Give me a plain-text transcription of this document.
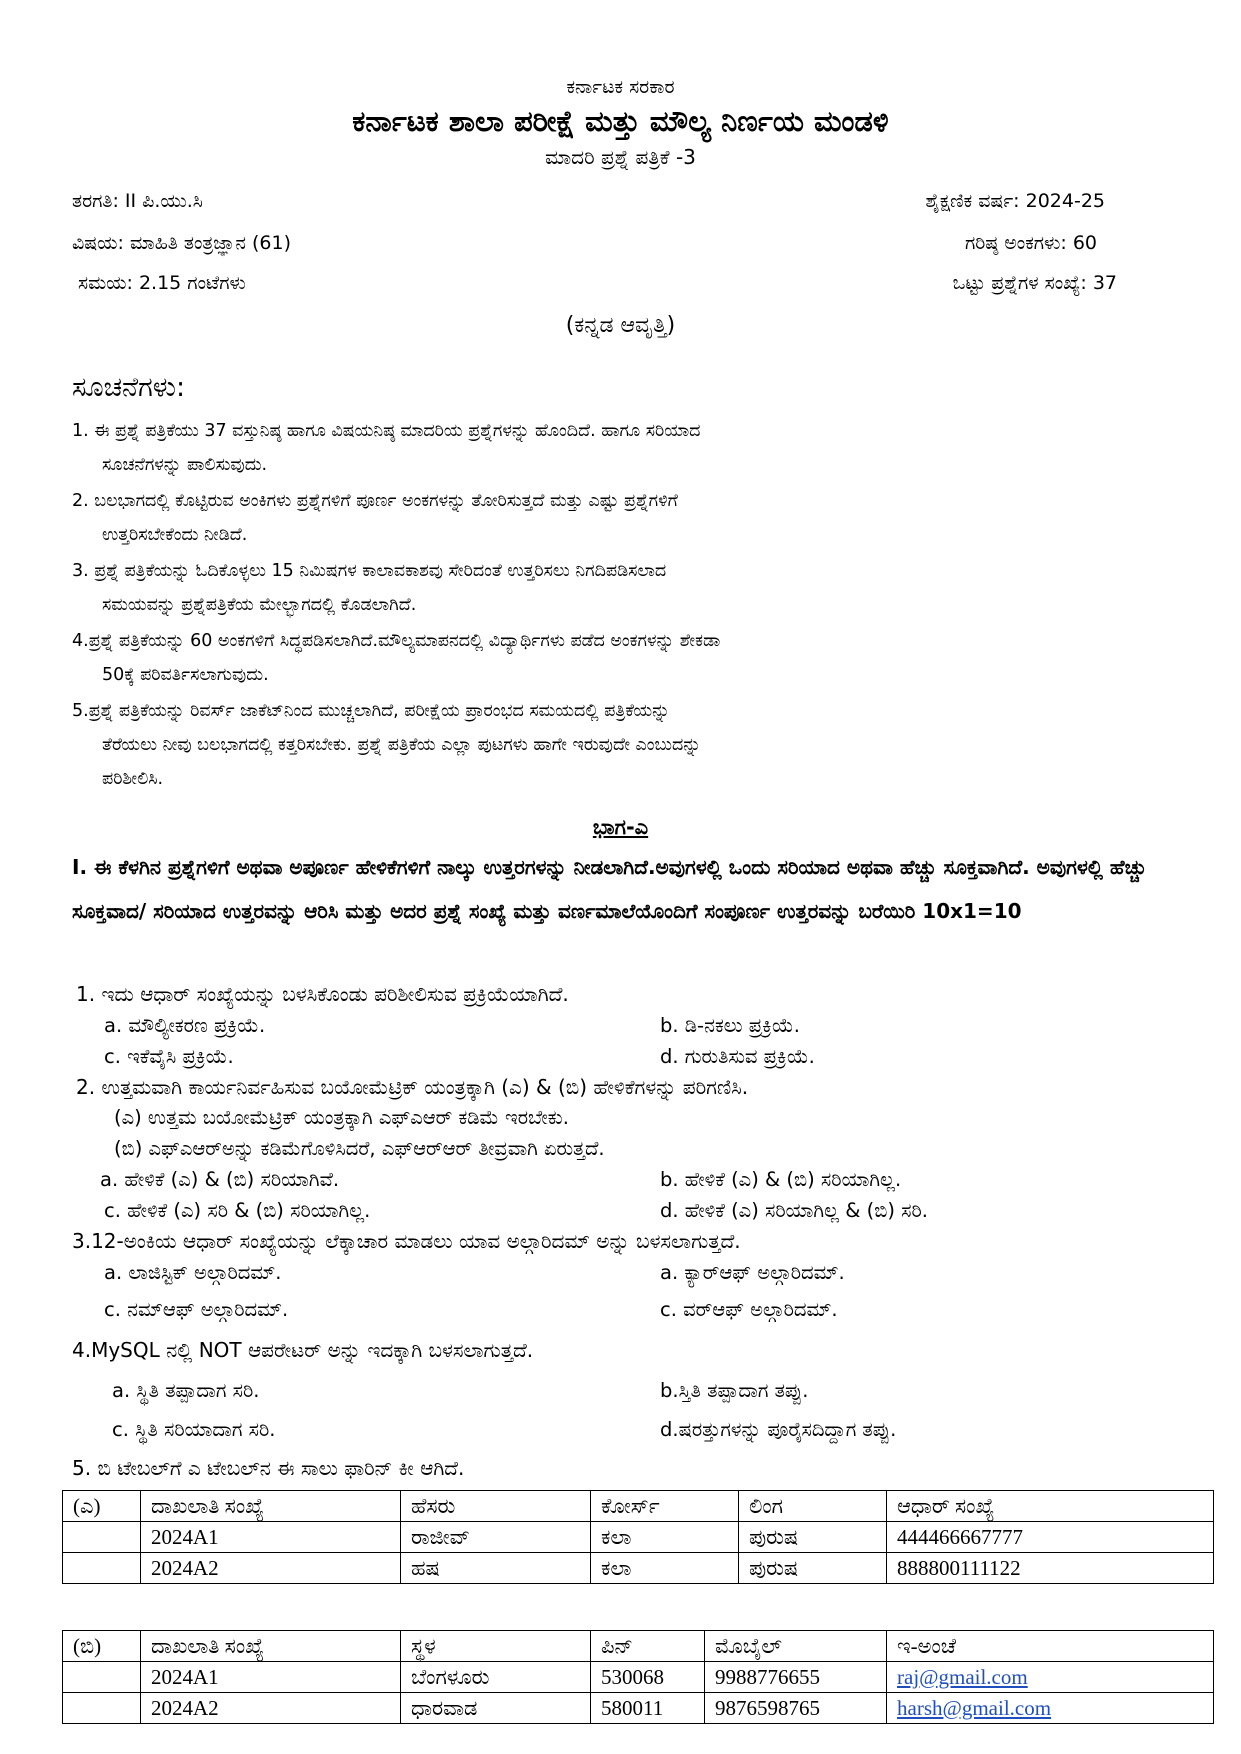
ಕರ್ನಾಟಕ ಸರಕಾರ
ಕರ್ನಾಟಕ ಶಾಲಾ ಪರೀಕ್ಷೆ ಮತ್ತು ಮೌಲ್ಯ ನಿರ್ಣಯ ಮಂಡಳಿ
ಮಾದರಿ ಪ್ರಶ್ನೆ ಪತ್ರಿಕೆ -3
ತರಗತಿ: II ಪಿ.ಯು.ಸಿ	ಶೈಕ್ಷಣಿಕ ವರ್ಷ: 2024-25
ವಿಷಯ: ಮಾಹಿತಿ ತಂತ್ರಜ್ಞಾನ (61)	ಗರಿಷ್ಠ ಅಂಕಗಳು: 60
ಸಮಯ: 2.15 ಗಂಟೆಗಳು	ಒಟ್ಟು ಪ್ರಶ್ನೆಗಳ ಸಂಖ್ಯೆ: 37
(ಕನ್ನಡ ಆವೃತ್ತಿ)
ಸೂಚನೆಗಳು:
1. ಈ ಪ್ರಶ್ನೆ ಪತ್ರಿಕೆಯು 37 ವಸ್ತುನಿಷ್ಠ ಹಾಗೂ ವಿಷಯನಿಷ್ಠ ಮಾದರಿಯ ಪ್ರಶ್ನೆಗಳನ್ನು ಹೊಂದಿದೆ. ಹಾಗೂ ಸರಿಯಾದ
ಸೂಚನೆಗಳನ್ನು ಪಾಲಿಸುವುದು.
2. ಬಲಭಾಗದಲ್ಲಿ ಕೊಟ್ಟಿರುವ ಅಂಕಿಗಳು ಪ್ರಶ್ನೆಗಳಿಗೆ ಪೂರ್ಣ ಅಂಕಗಳನ್ನು ತೋರಿಸುತ್ತದೆ ಮತ್ತು ಎಷ್ಟು ಪ್ರಶ್ನೆಗಳಿಗೆ
ಉತ್ತರಿಸಬೇಕೆಂದು ನೀಡಿದೆ.
3. ಪ್ರಶ್ನೆ ಪತ್ರಿಕೆಯನ್ನು ಓದಿಕೊಳ್ಳಲು 15 ನಿಮಿಷಗಳ ಕಾಲಾವಕಾಶವು ಸೇರಿದಂತೆ ಉತ್ತರಿಸಲು ನಿಗದಿಪಡಿಸಲಾದ
ಸಮಯವನ್ನು ಪ್ರಶ್ನೆಪತ್ರಿಕೆಯ ಮೇಲ್ಭಾಗದಲ್ಲಿ ಕೊಡಲಾಗಿದೆ.
4.ಪ್ರಶ್ನೆ ಪತ್ರಿಕೆಯನ್ನು 60 ಅಂಕಗಳಿಗೆ ಸಿದ್ಧಪಡಿಸಲಾಗಿದೆ.ಮೌಲ್ಯಮಾಪನದಲ್ಲಿ ವಿದ್ಯಾರ್ಥಿಗಳು ಪಡೆದ ಅಂಕಗಳನ್ನು ಶೇಕಡಾ
50ಕ್ಕೆ ಪರಿವರ್ತಿಸಲಾಗುವುದು.
5.ಪ್ರಶ್ನೆ ಪತ್ರಿಕೆಯನ್ನು ರಿವರ್ಸ್ ಜಾಕೆಟ್‌ನಿಂದ ಮುಚ್ಚಲಾಗಿದೆ, ಪರೀಕ್ಷೆಯ ಪ್ರಾರಂಭದ ಸಮಯದಲ್ಲಿ ಪತ್ರಿಕೆಯನ್ನು
ತೆರೆಯಲು ನೀವು ಬಲಭಾಗದಲ್ಲಿ ಕತ್ತರಿಸಬೇಕು. ಪ್ರಶ್ನೆ ಪತ್ರಿಕೆಯ ಎಲ್ಲಾ ಪುಟಗಳು ಹಾಗೇ ಇರುವುದೇ ಎಂಬುದನ್ನು
ಪರಿಶೀಲಿಸಿ.
ಭಾಗ-ಎ
I. ಈ ಕೆಳಗಿನ ಪ್ರಶ್ನೆಗಳಿಗೆ ಅಥವಾ ಅಪೂರ್ಣ ಹೇಳಿಕೆಗಳಿಗೆ ನಾಲ್ಕು ಉತ್ತರಗಳನ್ನು ನೀಡಲಾಗಿದೆ.ಅವುಗಳಲ್ಲಿ ಒಂದು ಸರಿಯಾದ ಅಥವಾ ಹೆಚ್ಚು ಸೂಕ್ತವಾಗಿದೆ. ಅವುಗಳಲ್ಲಿ ಹೆಚ್ಚು ಸೂಕ್ತವಾದ/ ಸರಿಯಾದ ಉತ್ತರವನ್ನು ಆರಿಸಿ ಮತ್ತು ಅದರ ಪ್ರಶ್ನೆ ಸಂಖ್ಯೆ ಮತ್ತು ವರ್ಣಮಾಲೆಯೊಂದಿಗೆ ಸಂಪೂರ್ಣ ಉತ್ತರವನ್ನು ಬರೆಯಿರಿ 10x1=10
1. ಇದು ಆಧಾರ್ ಸಂಖ್ಯೆಯನ್ನು ಬಳಸಿಕೊಂಡು ಪರಿಶೀಲಿಸುವ ಪ್ರಕ್ರಿಯೆಯಾಗಿದೆ.
a. ಮೌಲ್ಯೀಕರಣ ಪ್ರಕ್ರಿಯೆ.	b. ಡಿ-ನಕಲು ಪ್ರಕ್ರಿಯೆ.
c. ಇಕೆವೈಸಿ ಪ್ರಕ್ರಿಯೆ.	d. ಗುರುತಿಸುವ ಪ್ರಕ್ರಿಯೆ.
2. ಉತ್ತಮವಾಗಿ ಕಾರ್ಯನಿರ್ವಹಿಸುವ ಬಯೋಮೆಟ್ರಿಕ್ ಯಂತ್ರಕ್ಕಾಗಿ (ಎ) & (ಬಿ) ಹೇಳಿಕೆಗಳನ್ನು ಪರಿಗಣಿಸಿ.
(ಎ) ಉತ್ತಮ ಬಯೋಮೆಟ್ರಿಕ್ ಯಂತ್ರಕ್ಕಾಗಿ ಎಫ್ಎಆರ್ ಕಡಿಮೆ ಇರಬೇಕು.
(ಬಿ) ಎಫ್ಎಆರ್‌ಅನ್ನು ಕಡಿಮೆಗೊಳಿಸಿದರೆ, ಎಫ್‌ಆರ್‌ಆರ್ ತೀವ್ರವಾಗಿ ಏರುತ್ತದೆ.
a. ಹೇಳಿಕೆ (ಎ) & (ಬಿ) ಸರಿಯಾಗಿವೆ.	b. ಹೇಳಿಕೆ (ಎ) & (ಬಿ) ಸರಿಯಾಗಿಲ್ಲ.
c. ಹೇಳಿಕೆ (ಎ) ಸರಿ & (ಬಿ) ಸರಿಯಾಗಿಲ್ಲ.	d. ಹೇಳಿಕೆ (ಎ) ಸರಿಯಾಗಿಲ್ಲ & (ಬಿ) ಸರಿ.
3.12-ಅಂಕಿಯ ಆಧಾರ್ ಸಂಖ್ಯೆಯನ್ನು ಲೆಕ್ಕಾಚಾರ ಮಾಡಲು ಯಾವ ಅಲ್ಗಾರಿದಮ್ ಅನ್ನು ಬಳಸಲಾಗುತ್ತದೆ.
a. ಲಾಜಿಸ್ಟಿಕ್ ಅಲ್ಗಾರಿದಮ್.	a. ಕ್ಯಾರ್‌ಆಫ್ ಅಲ್ಗಾರಿದಮ್.
c. ನಮ್‌ಆಫ್ ಅಲ್ಗಾರಿದಮ್.	c. ವರ್‌ಆಫ್ ಅಲ್ಗಾರಿದಮ್.
4.MySQL ನಲ್ಲಿ NOT ಆಪರೇಟರ್ ಅನ್ನು ಇದಕ್ಕಾಗಿ ಬಳಸಲಾಗುತ್ತದೆ.
a. ಸ್ಥಿತಿ ತಪ್ಪಾದಾಗ ಸರಿ.	b.ಸ್ತಿತಿ ತಪ್ಪಾದಾಗ ತಪ್ಪು.
c. ಸ್ಥಿತಿ ಸರಿಯಾದಾಗ ಸರಿ.	d.ಷರತ್ತುಗಳನ್ನು ಪೂರೈಸದಿದ್ದಾಗ ತಪ್ಪು.
5. ಬಿ ಟೇಬಲ್‌ಗೆ ಎ ಟೇಬಲ್‌ನ ಈ ಸಾಲು ಫಾರಿನ್ ಕೀ ಆಗಿದೆ.
(ಎ)	ದಾಖಲಾತಿ ಸಂಖ್ಯೆ	ಹೆಸರು	ಕೋರ್ಸ್	ಲಿಂಗ	ಆಧಾರ್ ಸಂಖ್ಯೆ
	2024A1	ರಾಜೀವ್	ಕಲಾ	ಪುರುಷ	444466667777
	2024A2	ಹಷ	ಕಲಾ	ಪುರುಷ	888800111122
(ಬಿ)	ದಾಖಲಾತಿ ಸಂಖ್ಯೆ	ಸ್ಥಳ	ಪಿನ್	ಮೊಬೈಲ್	ಇ-ಅಂಚೆ
	2024A1	ಬೆಂಗಳೂರು	530068	9988776655	raj@gmail.com
	2024A2	ಧಾರವಾಡ	580011	9876598765	harsh@gmail.com
